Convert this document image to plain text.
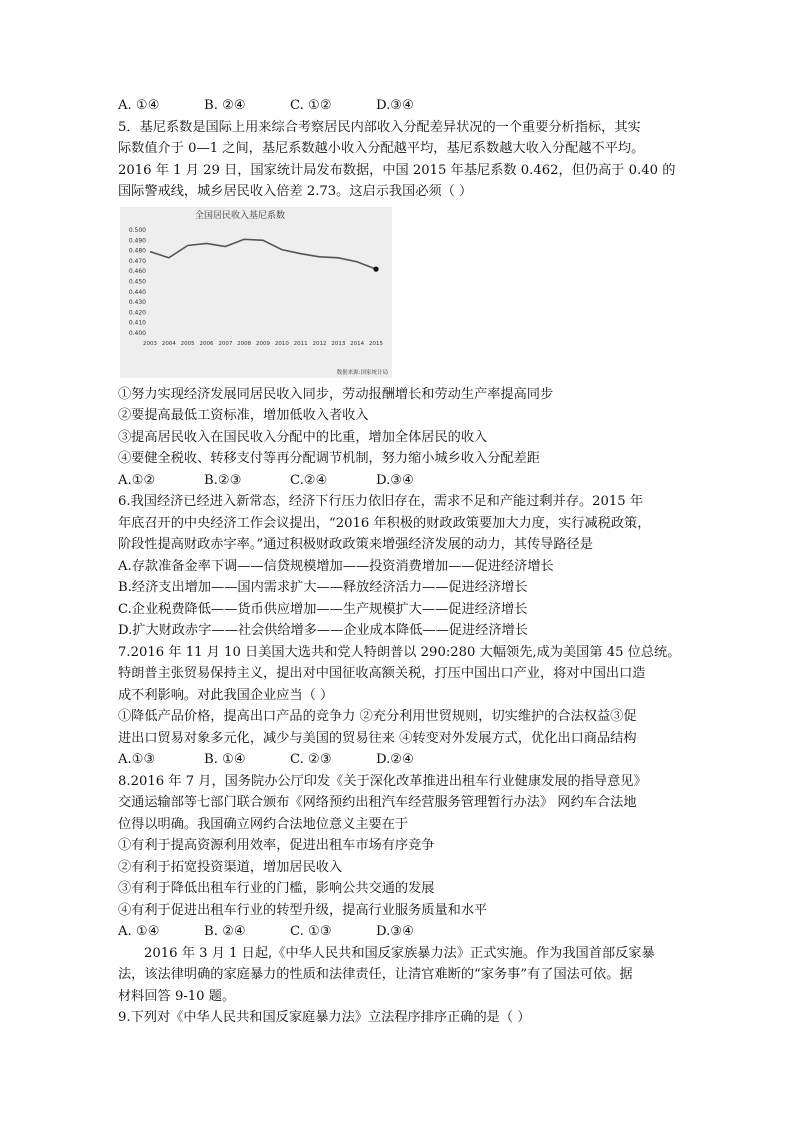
A. ①④	B. ②④	C. ①②	D.③④
5．基尼系数是国际上用来综合考察居民内部收入分配差异状况的一个重要分析指标，其实
际数值介于 0—1 之间，基尼系数越小收入分配越平均，基尼系数越大收入分配越不平均。
2016 年 1 月 29 日，国家统计局发布数据，中国 2015 年基尼系数 0.462，但仍高于 0.40 的
国际警戒线，城乡居民收入倍差 2.73。这启示我国必须（ ）
全国居民收入基尼系数
0.500
0.490
0.480
0.470
0.460
0.450
0.440
0.430
0.420
0.410
0.400
2003 2004 2005 2006 2007 2008 2009 2010 2011 2012 2013 2014 2015
数据来源:国家统计局
①努力实现经济发展同居民收入同步，劳动报酬增长和劳动生产率提高同步
②要提高最低工资标准，增加低收入者收入
③提高居民收入在国民收入分配中的比重，增加全体居民的收入
④要健全税收、转移支付等再分配调节机制，努力缩小城乡收入分配差距
A.①②	B.②③	C.②④	D.③④
6.我国经济已经进入新常态，经济下行压力依旧存在，需求不足和产能过剩并存。2015 年
年底召开的中央经济工作会议提出，“2016 年积极的财政政策要加大力度，实行减税政策，
阶段性提高财政赤字率。”通过积极财政政策来增强经济发展的动力，其传导路径是
A.存款准备金率下调——信贷规模增加——投资消费增加——促进经济增长
B.经济支出增加——国内需求扩大——释放经济活力——促进经济增长
C.企业税费降低——货币供应增加——生产规模扩大——促进经济增长
D.扩大财政赤字——社会供给增多——企业成本降低——促进经济增长
7.2016 年 11 月 10 日美国大选共和党人特朗普以 290:280 大幅领先,成为美国第 45 位总统。
特朗普主张贸易保持主义，提出对中国征收高额关税，打压中国出口产业，将对中国出口造
成不利影响。对此我国企业应当（ ）
①降低产品价格，提高出口产品的竞争力 ②充分利用世贸规则，切实维护的合法权益③促
进出口贸易对象多元化，减少与美国的贸易往来 ④转变对外发展方式，优化出口商品结构
A.①③	B. ①④	C. ②③	D.②④
8.2016 年 7 月，国务院办公厅印发《关于深化改革推进出租车行业健康发展的指导意见》
交通运输部等七部门联合颁布《网络预约出租汽车经营服务管理暂行办法》 网约车合法地
位得以明确。我国确立网约合法地位意义主要在于
①有利于提高资源利用效率，促进出租车市场有序竞争
②有利于拓宽投资渠道，增加居民收入
③有利于降低出租车行业的门槛，影响公共交通的发展
④有利于促进出租车行业的转型升级，提高行业服务质量和水平
A. ①④	B. ②④	C. ①③	D.③④
2016 年 3 月 1 日起,《中华人民共和国反家族暴力法》正式实施。作为我国首部反家暴
法，该法律明确的家庭暴力的性质和法律责任，让清官难断的“家务事”有了国法可依。据
材料回答 9-10 题。
9.下列对《中华人民共和国反家庭暴力法》立法程序排序正确的是（ ）
